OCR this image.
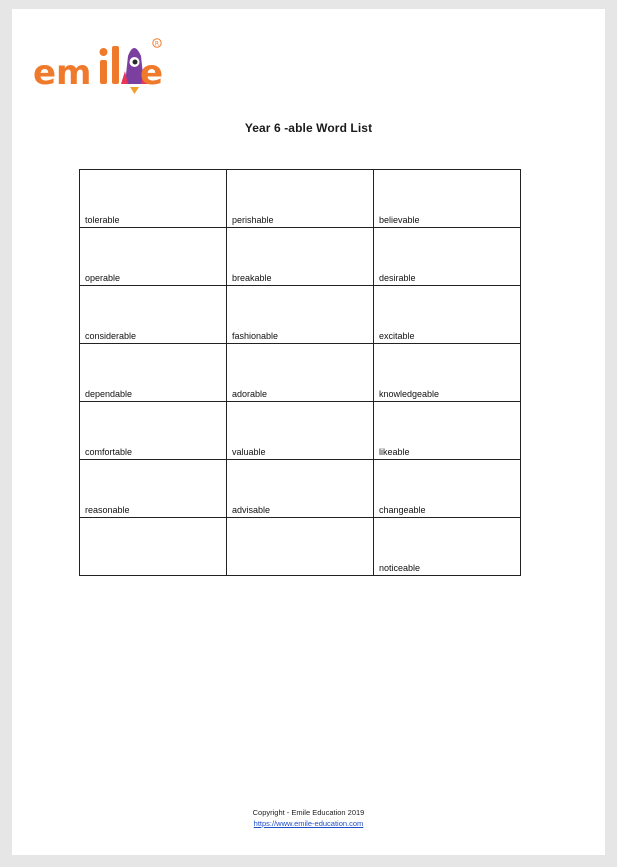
em e
R
Year 6 -able Word List
tolerable	perishable	believable
operable	breakable	desirable
considerable	fashionable	excitable
dependable	adorable	knowledgeable
comfortable	valuable	likeable
reasonable	advisable	changeable
		noticeable
Copyright - Emile Education 2019
https://www.emile-education.com
